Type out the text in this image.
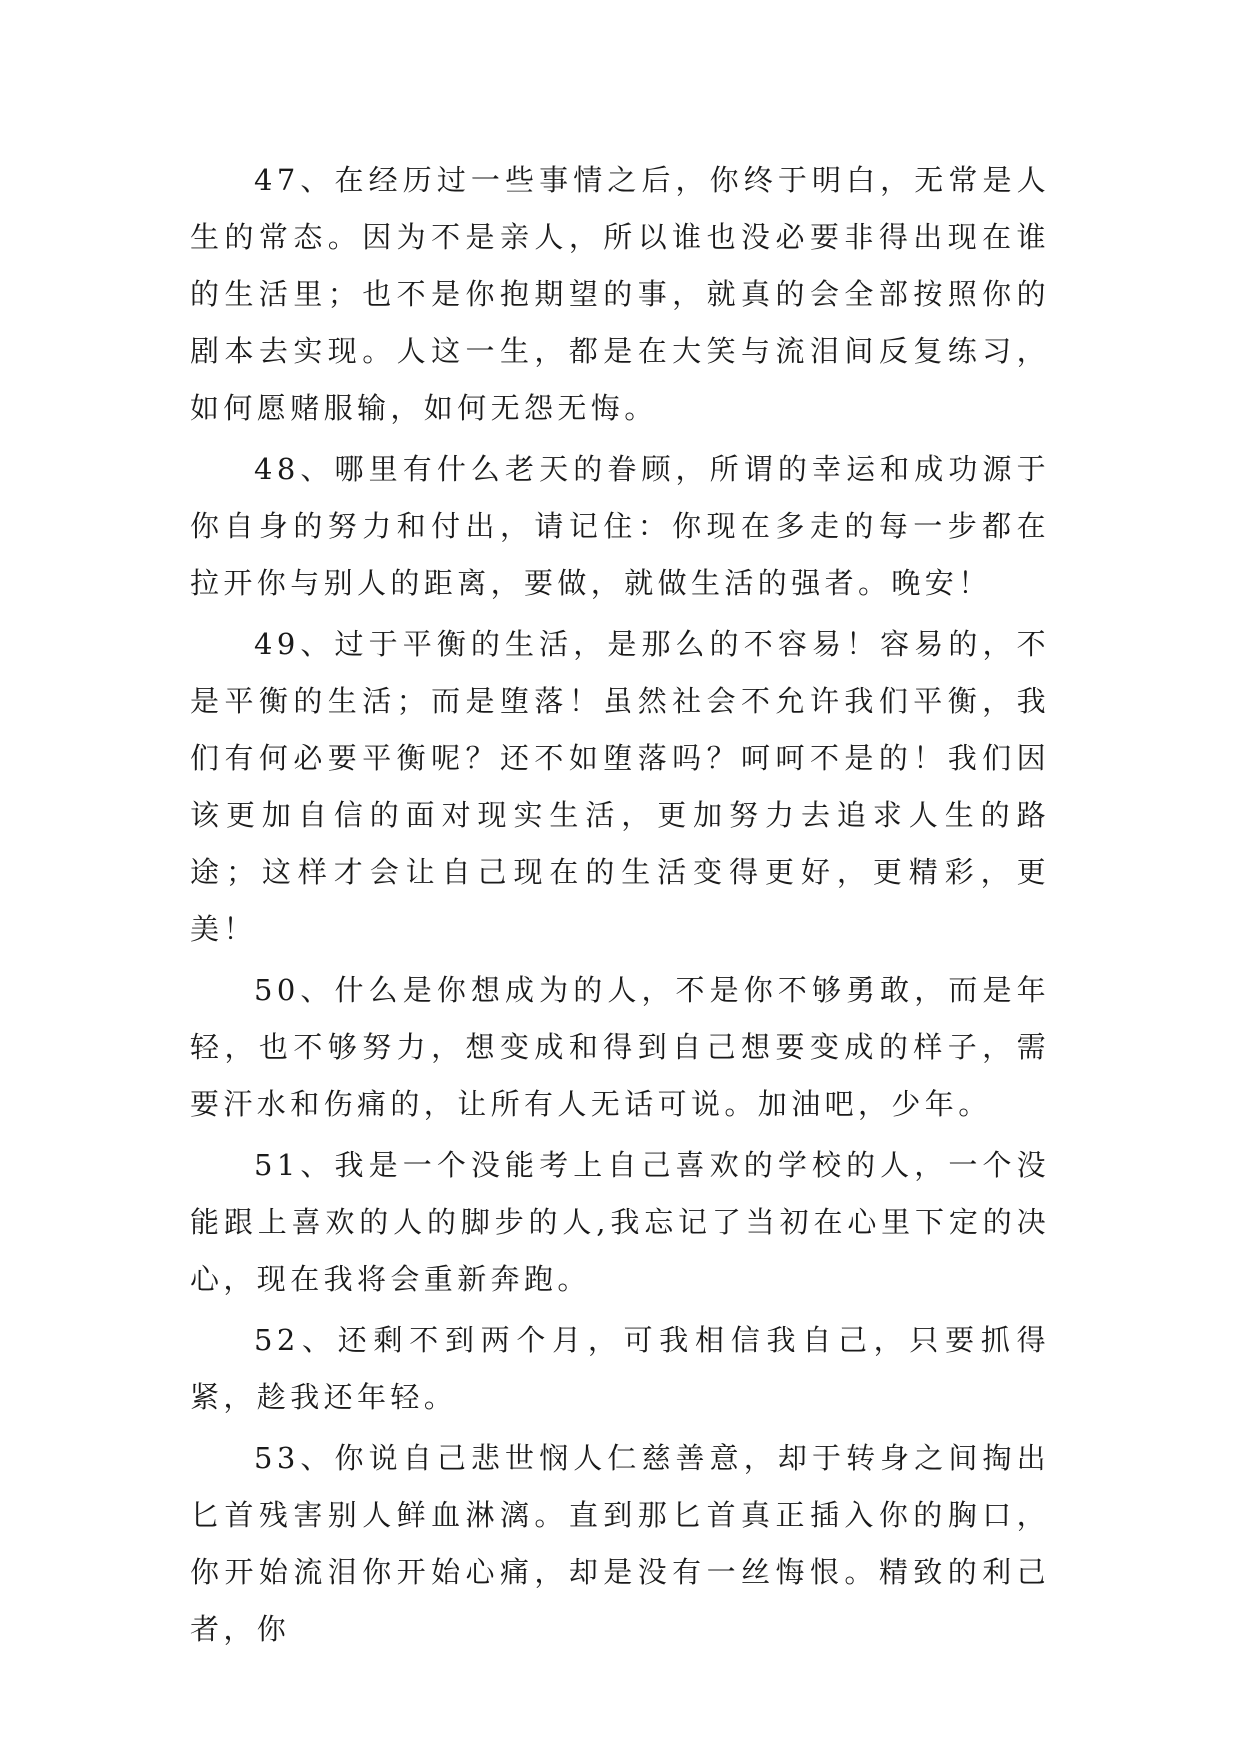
47、在经历过一些事情之后，你终于明白，无常是人生的常态。因为不是亲人，所以谁也没必要非得出现在谁的生活里；也不是你抱期望的事，就真的会全部按照你的剧本去实现。人这一生，都是在大笑与流泪间反复练习，如何愿赌服输，如何无怨无悔。

48、哪里有什么老天的眷顾，所谓的幸运和成功源于你自身的努力和付出，请记住：你现在多走的每一步都在拉开你与别人的距离，要做，就做生活的强者。晚安！

49、过于平衡的生活，是那么的不容易！容易的，不是平衡的生活；而是堕落！虽然社会不允许我们平衡，我们有何必要平衡呢？还不如堕落吗？呵呵不是的！我们因该更加自信的面对现实生活，更加努力去追求人生的路途；这样才会让自己现在的生活变得更好，更精彩，更美！

50、什么是你想成为的人，不是你不够勇敢，而是年轻，也不够努力，想变成和得到自己想要变成的样子，需要汗水和伤痛的，让所有人无话可说。加油吧，少年。

51、我是一个没能考上自己喜欢的学校的人，一个没能跟上喜欢的人的脚步的人,我忘记了当初在心里下定的决心，现在我将会重新奔跑。

52、还剩不到两个月，可我相信我自己，只要抓得紧，趁我还年轻。

53、你说自己悲世悯人仁慈善意，却于转身之间掏出匕首残害别人鲜血淋漓。直到那匕首真正插入你的胸口，你开始流泪你开始心痛，却是没有一丝悔恨。精致的利己者，你
